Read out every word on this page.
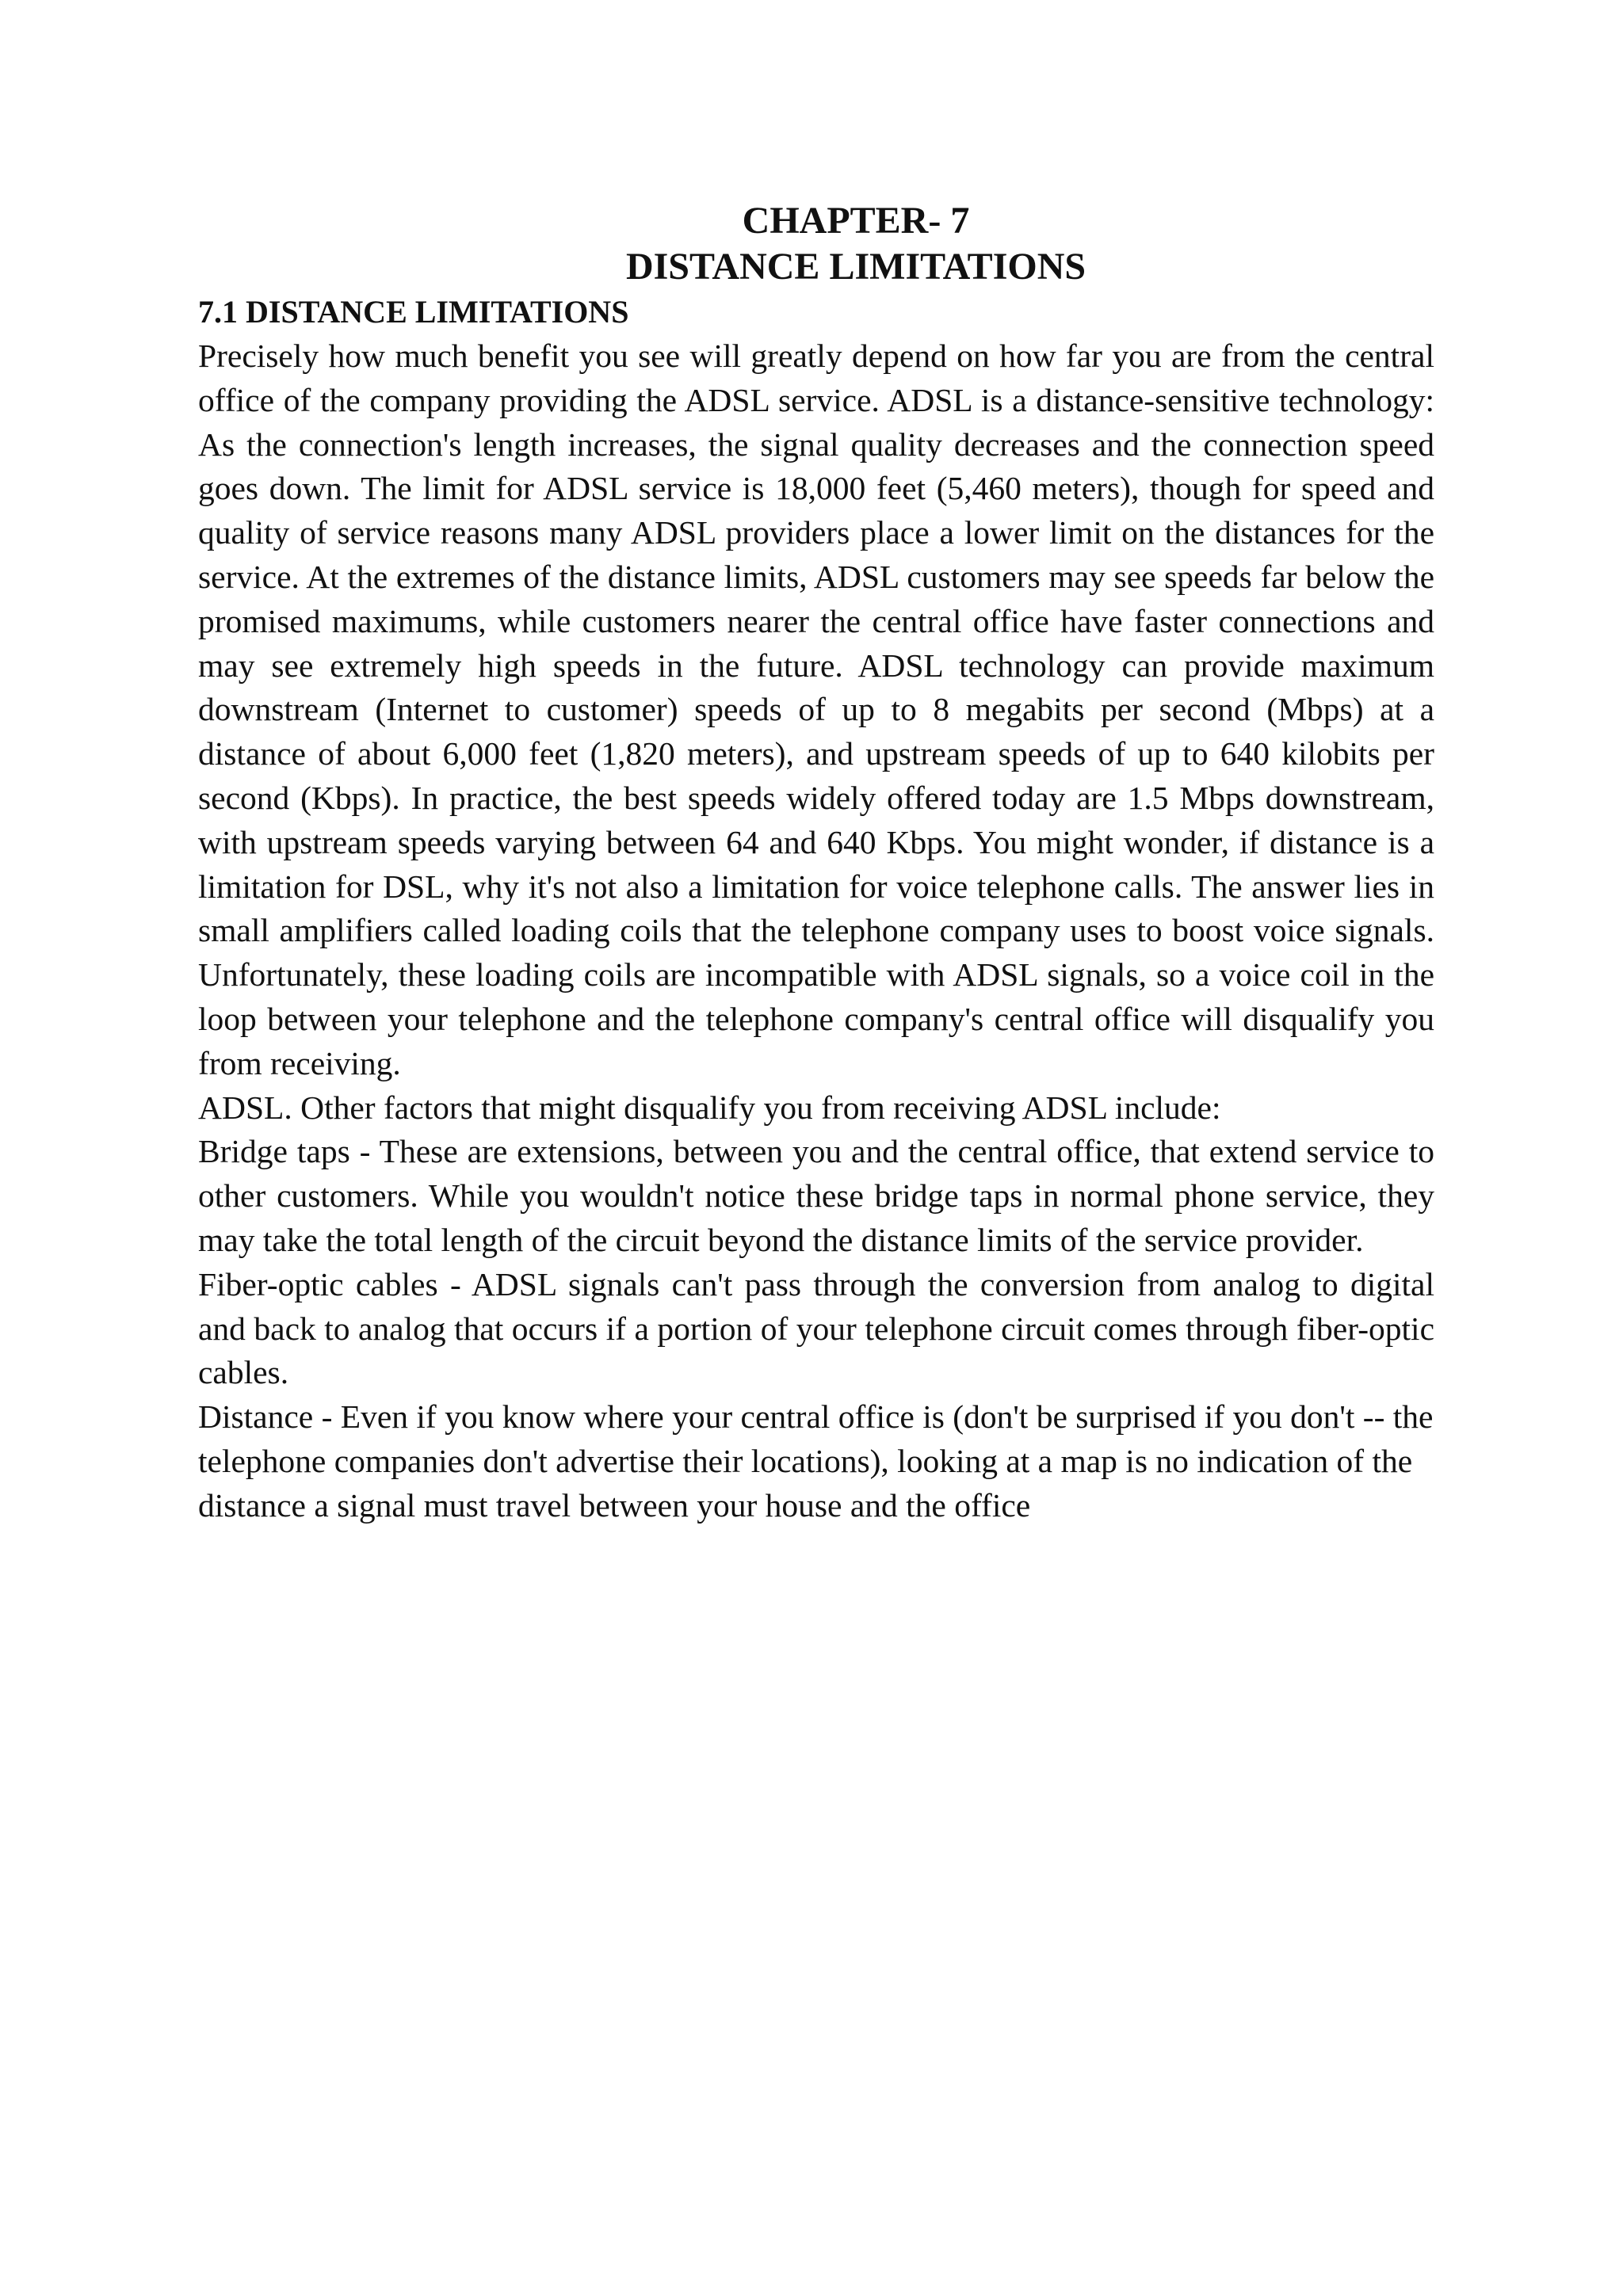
CHAPTER- 7
DISTANCE LIMITATIONS
7.1 DISTANCE LIMITATIONS

Precisely how much benefit you see will greatly depend on how far you are from the central office of the company providing the ADSL service. ADSL is a distance-sensitive technology: As the connection's length increases, the signal quality decreases and the connection speed goes down. The limit for ADSL service is 18,000 feet (5,460 meters), though for speed and quality of service reasons many ADSL providers place a lower limit on the distances for the service. At the extremes of the distance limits, ADSL customers may see speeds far below the promised maximums, while customers nearer the central office have faster connections and may see extremely high speeds in the future. ADSL technology can provide maximum downstream (Internet to customer) speeds of up to 8 megabits per second (Mbps) at a distance of about 6,000 feet (1,820 meters), and upstream speeds of up to 640 kilobits per second (Kbps). In practice, the best speeds widely offered today are 1.5 Mbps downstream, with upstream speeds varying between 64 and 640 Kbps. You might wonder, if distance is a limitation for DSL, why it's not also a limitation for voice telephone calls. The answer lies in small amplifiers called loading coils that the telephone company uses to boost voice signals. Unfortunately, these loading coils are incompatible with ADSL signals, so a voice coil in the loop between your telephone and the telephone company's central office will disqualify you from receiving.

ADSL. Other factors that might disqualify you from receiving ADSL include:

Bridge taps - These are extensions, between you and the central office, that extend service to other customers. While you wouldn't notice these bridge taps in normal phone service, they may take the total length of the circuit beyond the distance limits of the service provider.

Fiber-optic cables - ADSL signals can't pass through the conversion from analog to digital and back to analog that occurs if a portion of your telephone circuit comes through fiber-optic cables.

Distance - Even if you know where your central office is (don't be surprised if you don't -- the telephone companies don't advertise their locations), looking at a map is no indication of the distance a signal must travel between your house and the office
